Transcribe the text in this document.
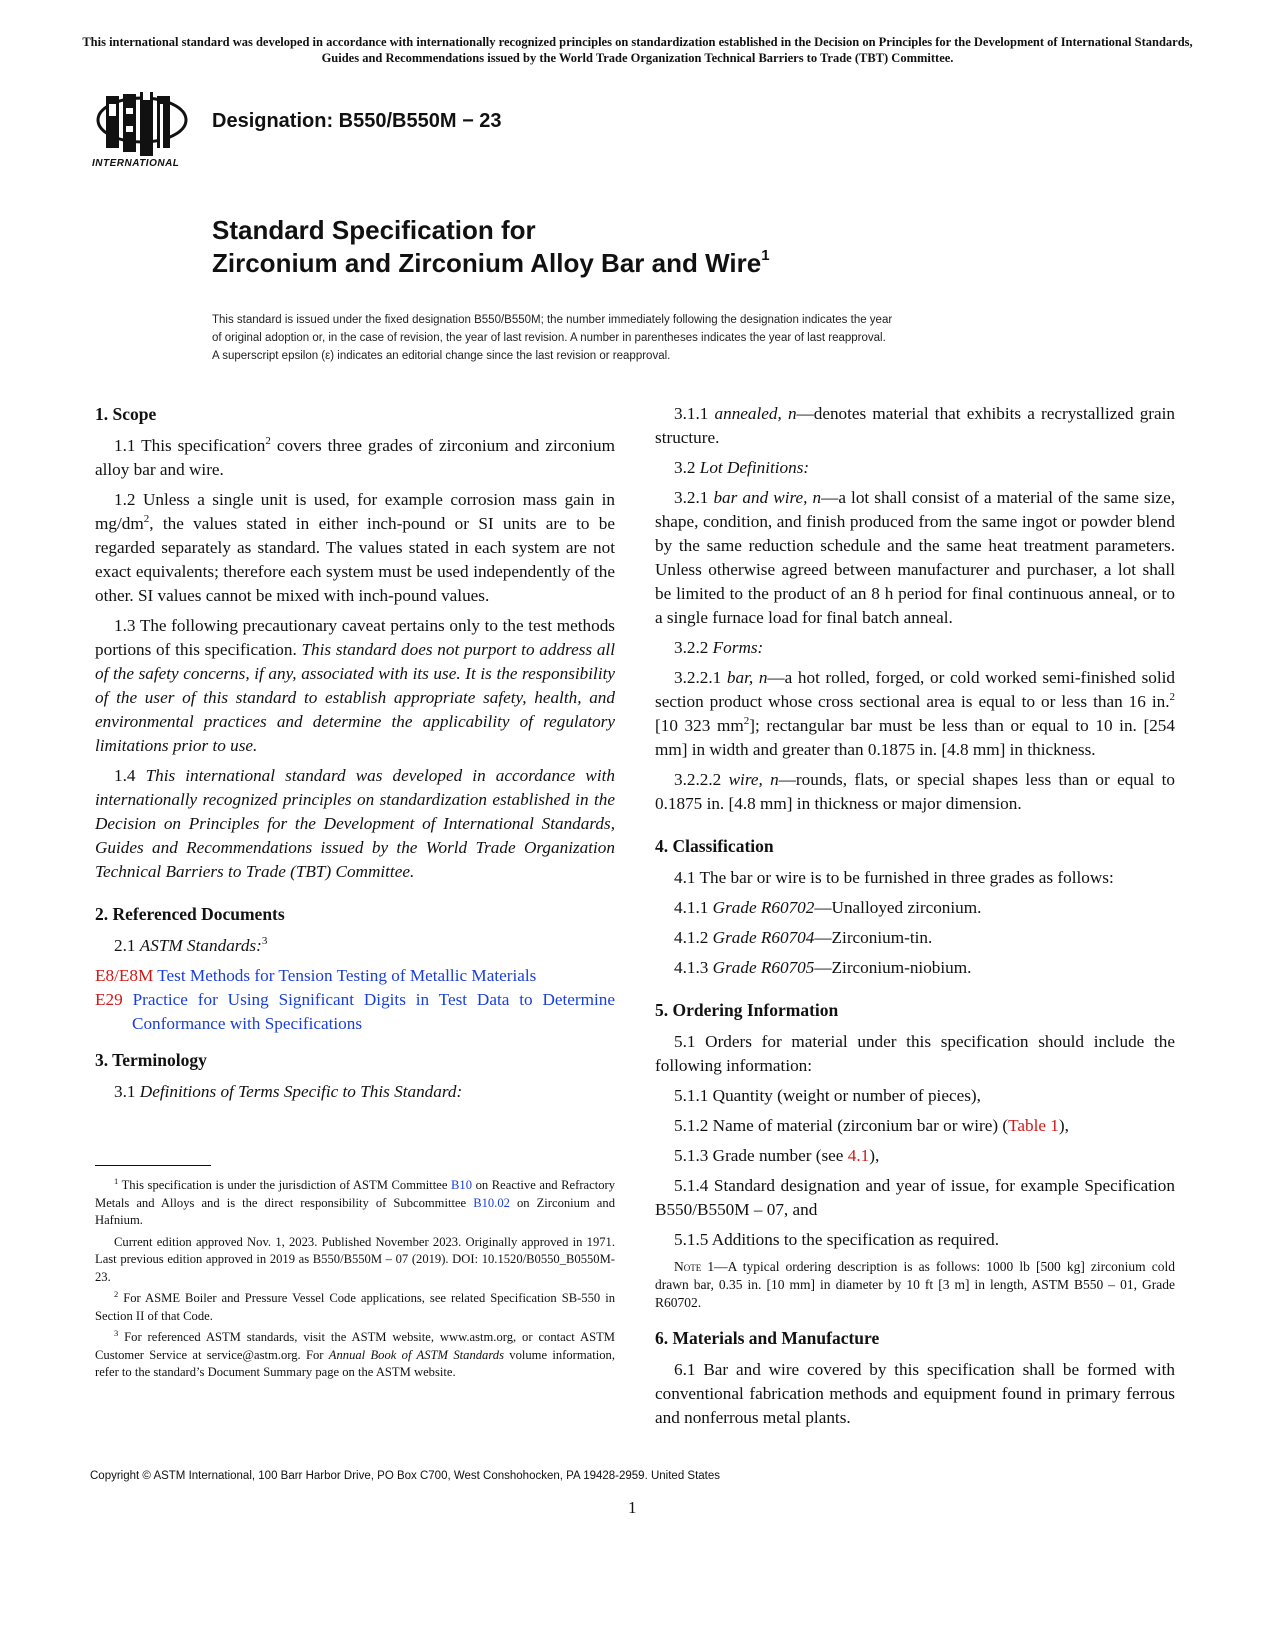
This international standard was developed in accordance with internationally recognized principles on standardization established in the Decision on Principles for the Development of International Standards, Guides and Recommendations issued by the World Trade Organization Technical Barriers to Trade (TBT) Committee.
INTERNATIONAL
Designation: B550/B550M − 23
Standard Specification for
Zirconium and Zirconium Alloy Bar and Wire$^1$
This standard is issued under the fixed designation B550/B550M; the number immediately following the designation indicates the year
of original adoption or, in the case of revision, the year of last revision. A number in parentheses indicates the year of last reapproval.
A superscript epsilon (ε) indicates an editorial change since the last revision or reapproval.
1. Scope

1.1 This specification$^2$ covers three grades of zirconium and zirconium alloy bar and wire.

1.2 Unless a single unit is used, for example corrosion mass gain in $mg/dm^2$, the values stated in either inch-pound or SI units are to be regarded separately as standard. The values stated in each system are not exact equivalents; therefore each system must be used independently of the other. SI values cannot be mixed with inch-pound values.

1.3 The following precautionary caveat pertains only to the test methods portions of this specification. This standard does not purport to address all of the safety concerns, if any, associated with its use. It is the responsibility of the user of this standard to establish appropriate safety, health, and environmental practices and determine the applicability of regulatory limitations prior to use.

1.4 This international standard was developed in accordance with internationally recognized principles on standardization established in the Decision on Principles for the Development of International Standards, Guides and Recommendations issued by the World Trade Organization Technical Barriers to Trade (TBT) Committee.

2. Referenced Documents

2.1 ASTM Standards:$^3$

E8/E8M Test Methods for Tension Testing of Metallic Materials
E29 Practice for Using Significant Digits in Test Data to Determine Conformance with Specifications
3. Terminology

3.1 Definitions of Terms Specific to This Standard:

3.1.1 annealed, n—denotes material that exhibits a recrystallized grain structure.

3.2 Lot Definitions:

3.2.1 bar and wire, n—a lot shall consist of a material of the same size, shape, condition, and finish produced from the same ingot or powder blend by the same reduction schedule and the same heat treatment parameters. Unless otherwise agreed between manufacturer and purchaser, a lot shall be limited to the product of an 8 h period for final continuous anneal, or to a single furnace load for final batch anneal.

3.2.2 Forms:

3.2.2.1 bar, n—a hot rolled, forged, or cold worked semi-finished solid section product whose cross sectional area is equal to or less than 16 in.$^2$ [10 323 $mm^2$]; rectangular bar must be less than or equal to 10 in. [254 mm] in width and greater than 0.1875 in. [4.8 mm] in thickness.

3.2.2.2 wire, n—rounds, flats, or special shapes less than or equal to 0.1875 in. [4.8 mm] in thickness or major dimension.

4. Classification

4.1 The bar or wire is to be furnished in three grades as follows:

4.1.1 Grade R60702—Unalloyed zirconium.

4.1.2 Grade R60704—Zirconium-tin.

4.1.3 Grade R60705—Zirconium-niobium.

5. Ordering Information

5.1 Orders for material under this specification should include the following information:

5.1.1 Quantity (weight or number of pieces),

5.1.2 Name of material (zirconium bar or wire) (Table 1),

5.1.3 Grade number (see 4.1),

5.1.4 Standard designation and year of issue, for example Specification B550/B550M – 07, and

5.1.5 Additions to the specification as required.

Note 1—A typical ordering description is as follows: 1000 lb [500 kg] zirconium cold drawn bar, 0.35 in. [10 mm] in diameter by 10 ft [3 m] in length, ASTM B550 – 01, Grade R60702.
6. Materials and Manufacture

6.1 Bar and wire covered by this specification shall be formed with conventional fabrication methods and equipment found in primary ferrous and nonferrous metal plants.

$^1$ This specification is under the jurisdiction of ASTM Committee B10 on Reactive and Refractory Metals and Alloys and is the direct responsibility of Subcommittee B10.02 on Zirconium and Hafnium.

Current edition approved Nov. 1, 2023. Published November 2023. Originally approved in 1971. Last previous edition approved in 2019 as B550/B550M – 07 (2019). DOI: 10.1520/B0550_B0550M-23.

$^2$ For ASME Boiler and Pressure Vessel Code applications, see related Specification SB-550 in Section II of that Code.

$^3$ For referenced ASTM standards, visit the ASTM website, www.astm.org, or contact ASTM Customer Service at service@astm.org. For Annual Book of ASTM Standards volume information, refer to the standard’s Document Summary page on the ASTM website.

Copyright © ASTM International, 100 Barr Harbor Drive, PO Box C700, West Conshohocken, PA 19428-2959. United States
1
